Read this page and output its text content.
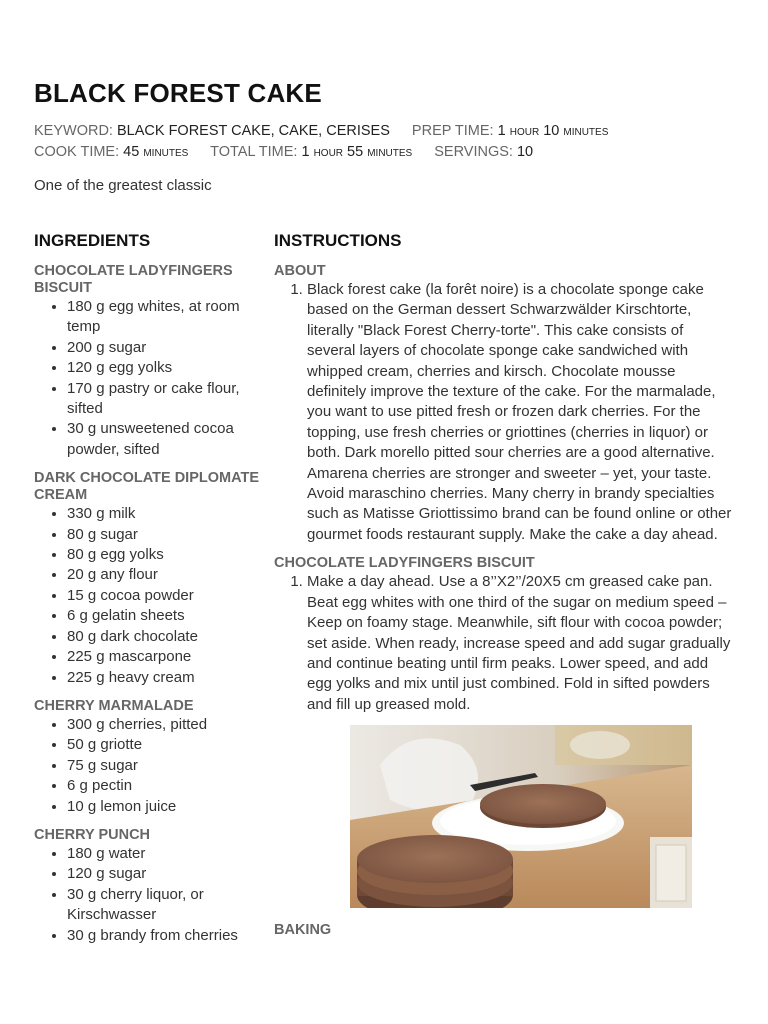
BLACK FOREST CAKE
KEYWORD: BLACK FOREST CAKE, CAKE, CERISES PREP TIME: 1 hour 10 minutes
COOK TIME: 45 minutes TOTAL TIME: 1 hour 55 minutes SERVINGS: 10
One of the greatest classic
INGREDIENTS
CHOCOLATE LADYFINGERS BISCUIT
• 180 g egg whites, at room temp
• 200 g sugar
• 120 g egg yolks
• 170 g pastry or cake flour, sifted
• 30 g unsweetened cocoa powder, sifted
DARK CHOCOLATE DIPLOMATE CREAM
• 330 g milk
• 80 g sugar
• 80 g egg yolks
• 20 g any flour
• 15 g cocoa powder
• 6 g gelatin sheets
• 80 g dark chocolate
• 225 g mascarpone
• 225 g heavy cream
CHERRY MARMALADE
• 300 g cherries, pitted
• 50 g griotte
• 75 g sugar
• 6 g pectin
• 10 g lemon juice
CHERRY PUNCH
• 180 g water
• 120 g sugar
• 30 g cherry liquor, or Kirschwasser
• 30 g brandy from cherries
INSTRUCTIONS
ABOUT
1. Black forest cake (la forêt noire) is a chocolate sponge cake based on the German dessert Schwarzwälder Kirschtorte, literally "Black Forest Cherry-torte". This cake consists of several layers of chocolate sponge cake sandwiched with whipped cream, cherries and kirsch. Chocolate mousse definitely improve the texture of the cake. For the marmalade, you want to use pitted fresh or frozen dark cherries. For the topping, use fresh cherries or griottines (cherries in liquor) or both. Dark morello pitted sour cherries are a good alternative. Amarena cherries are stronger and sweeter – yet, your taste. Avoid maraschino cherries. Many cherry in brandy specialties such as Matisse Griottissimo brand can be found online or other gourmet foods restaurant supply. Make the cake a day ahead.
CHOCOLATE LADYFINGERS BISCUIT
1. Make a day ahead. Use a 8’’X2’’/20X5 cm greased cake pan. Beat egg whites with one third of the sugar on medium speed – Keep on foamy stage. Meanwhile, sift flour with cocoa powder; set aside. When ready, increase speed and add sugar gradually and continue beating until firm peaks. Lower speed, and add egg yolks and mix until just combined. Fold in sifted powders and fill up greased mold.
BAKING
